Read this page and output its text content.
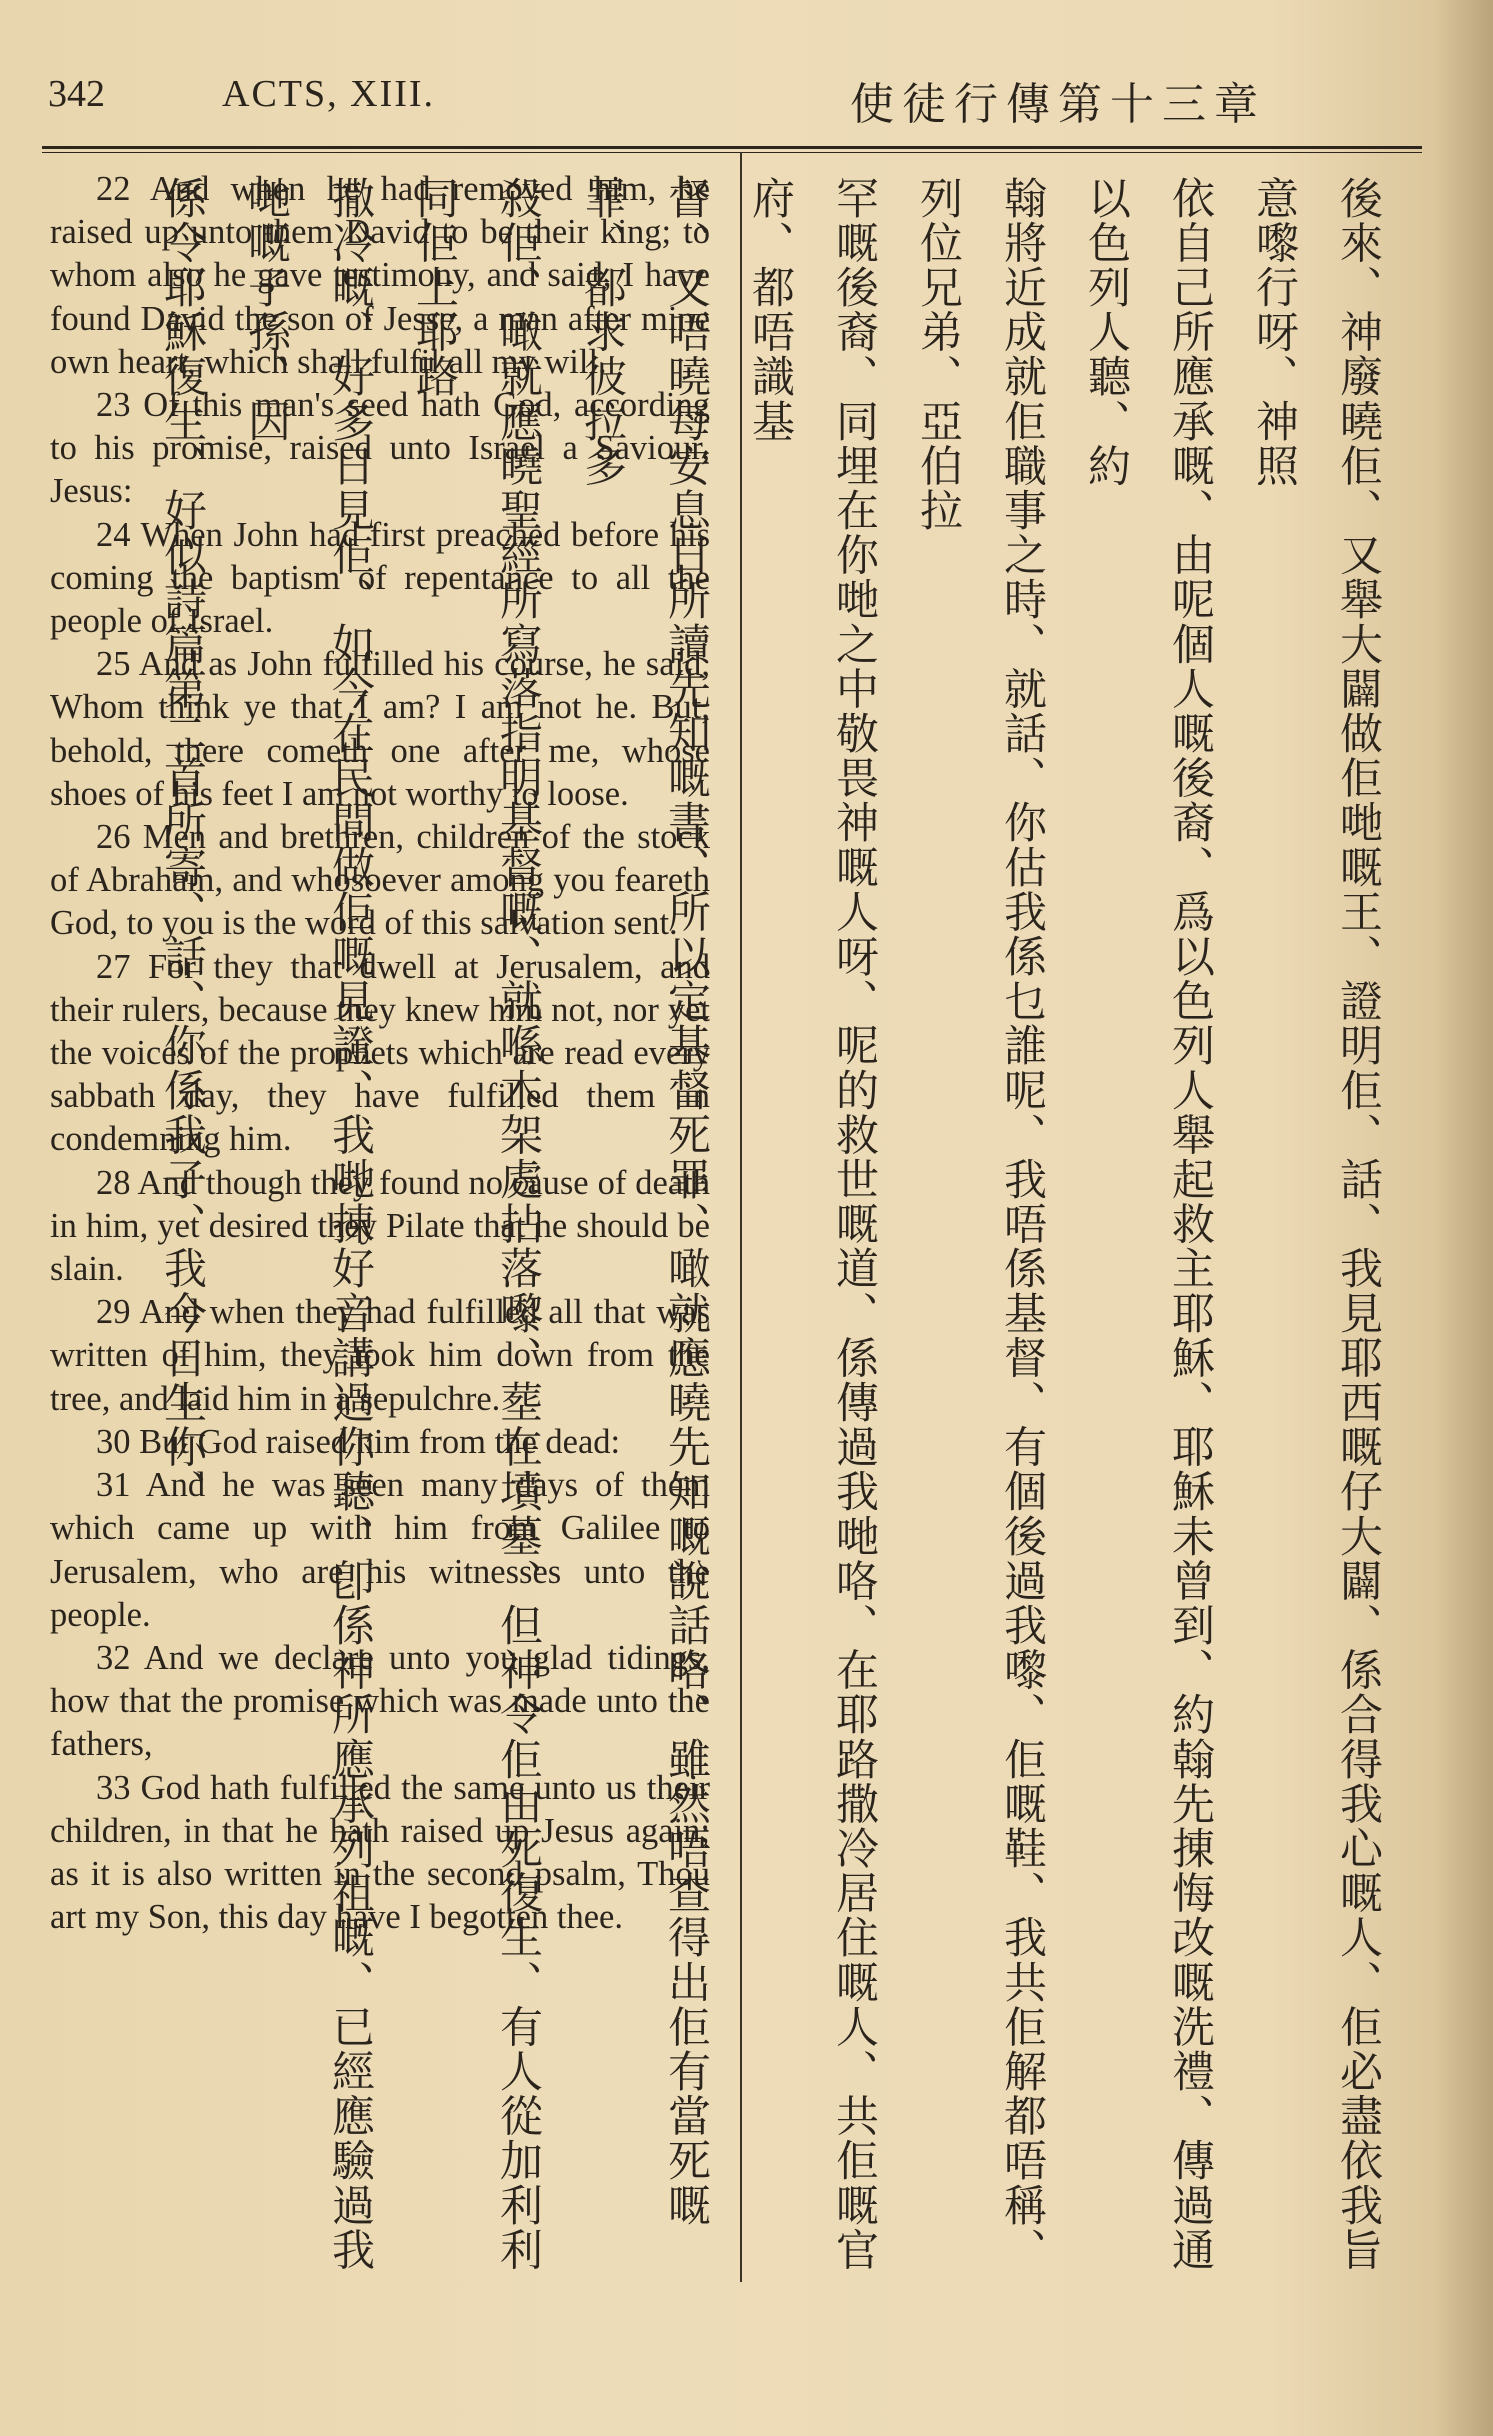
342	ACTS, XIII.	使徒行傳第十三章

22 And when he had removed him, he raised up unto them David to be their king; to whom also he gave testimony, and said, I have found David the son of Jesse, a man after mine own heart, which shall fulfil all my will.

23 Of this man's seed hath God, according to his promise, raised unto Israel a Saviour, Jesus:

24 When John had first preached before his coming the baptism of repentance to all the people of Israel.

25 And as John fulfilled his course, he said, Whom think ye that I am? I am not he. But, behold, there cometh one after me, whose shoes of his feet I am not worthy to loose.

26 Men and brethren, children of the stock of Abraham, and whosoever among you feareth God, to you is the word of this salvation sent.

27 For they that dwell at Jerusalem, and their rulers, because they knew him not, nor yet the voices of the prophets which are read every sabbath day, they have fulfilled them in condemning him.

28 And though they found no cause of death in him, yet desired they Pilate that he should be slain.

29 And when they had fulfilled all that was written of him, they took him down from the tree, and laid him in a sepulchre.

30 But God raised him from the dead:

31 And he was seen many days of them which came up with him from Galilee to Jerusalem, who are his witnesses unto the people.

32 And we declare unto you glad tidings, how that the promise which was made unto the fathers,

33 God hath fulfilled the same unto us their children, in that he hath raised up Jesus again; as it is also written in the second psalm, Thou art my Son, this day have I begotten thee.	後來、神廢曉佢、又舉大闢做佢哋嘅王、證明佢、話、我見耶西嘅仔大闢、係合得我心嘅人、佢必盡依我旨意嚟行呀、神照
依自己所應承嘅、由呢個人嘅後裔、爲以色列人舉起救主耶穌、耶穌未曾到、約翰先㨂悔改嘅洗禮、傳過通以色列人聽、約
翰將近成就佢職事之時、就話、你估我係乜誰呢、我唔係基督、有個後過我嚟、佢嘅鞋、我共佢解都唔稱、列位兄弟、亞伯拉
罕嘅後裔、同埋在你哋之中敬畏神嘅人呀、呢的救世嘅道、係傳過我哋咯、在耶路撒冷居住嘅人、共佢嘅官府、都唔識基
督、又唔曉每安息日所讀先知嘅書、所以定基督死罪、噉就應曉先知嘅說話咯、雖然唔查得出佢有當死嘅罪、都求彼拉多
殺佢、噉就應曉聖經所寫落指明基督嘅、就喺木架處拈落嚟、塟在墳墓、但神令佢由死復生、有人從加利利同佢上耶路
撒冷嘅、好多日見佢、如今在民間做佢嘅見證、我哋㨂好音講過你聽、卽係神所應承列祖嘅、已經應驗過我哋嘅子孫、因
係令耶穌復生、好似詩篇第二首所寄、話、你係我子、我今日生你、
